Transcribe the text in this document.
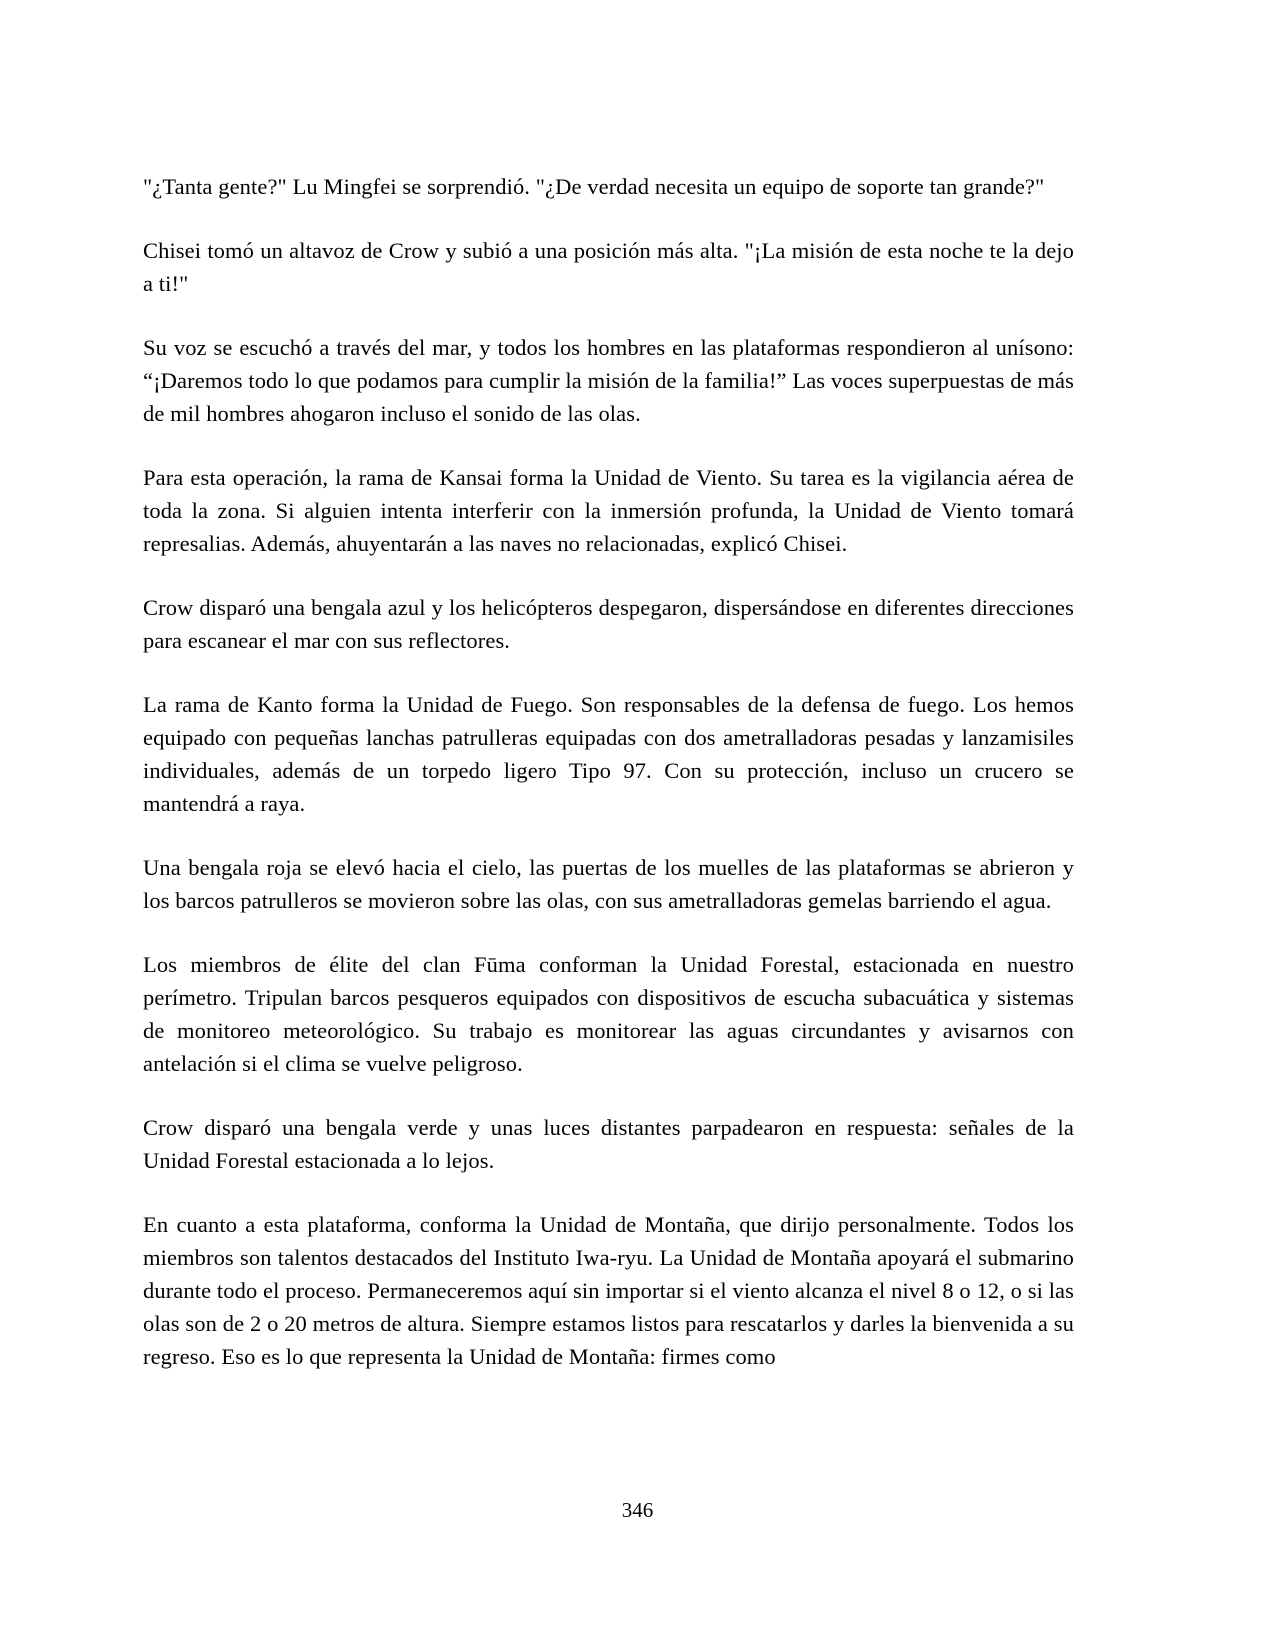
"¿Tanta gente?" Lu Mingfei se sorprendió. "¿De verdad necesita un equipo de soporte tan grande?"

Chisei tomó un altavoz de Crow y subió a una posición más alta. "¡La misión de esta noche te la dejo a ti!"

Su voz se escuchó a través del mar, y todos los hombres en las plataformas respondieron al unísono: “¡Daremos todo lo que podamos para cumplir la misión de la familia!” Las voces superpuestas de más de mil hombres ahogaron incluso el sonido de las olas.

Para esta operación, la rama de Kansai forma la Unidad de Viento. Su tarea es la vigilancia aérea de toda la zona. Si alguien intenta interferir con la inmersión profunda, la Unidad de Viento tomará represalias. Además, ahuyentarán a las naves no relacionadas, explicó Chisei.

Crow disparó una bengala azul y los helicópteros despegaron, dispersándose en diferentes direcciones para escanear el mar con sus reflectores.

La rama de Kanto forma la Unidad de Fuego. Son responsables de la defensa de fuego. Los hemos equipado con pequeñas lanchas patrulleras equipadas con dos ametralladoras pesadas y lanzamisiles individuales, además de un torpedo ligero Tipo 97. Con su protección, incluso un crucero se mantendrá a raya.

Una bengala roja se elevó hacia el cielo, las puertas de los muelles de las plataformas se abrieron y los barcos patrulleros se movieron sobre las olas, con sus ametralladoras gemelas barriendo el agua.

Los miembros de élite del clan Fūma conforman la Unidad Forestal, estacionada en nuestro perímetro. Tripulan barcos pesqueros equipados con dispositivos de escucha subacuática y sistemas de monitoreo meteorológico. Su trabajo es monitorear las aguas circundantes y avisarnos con antelación si el clima se vuelve peligroso.

Crow disparó una bengala verde y unas luces distantes parpadearon en respuesta: señales de la Unidad Forestal estacionada a lo lejos.

En cuanto a esta plataforma, conforma la Unidad de Montaña, que dirijo personalmente. Todos los miembros son talentos destacados del Instituto Iwa-ryu. La Unidad de Montaña apoyará el submarino durante todo el proceso. Permaneceremos aquí sin importar si el viento alcanza el nivel 8 o 12, o si las olas son de 2 o 20 metros de altura. Siempre estamos listos para rescatarlos y darles la bienvenida a su regreso. Eso es lo que representa la Unidad de Montaña: firmes como

346
